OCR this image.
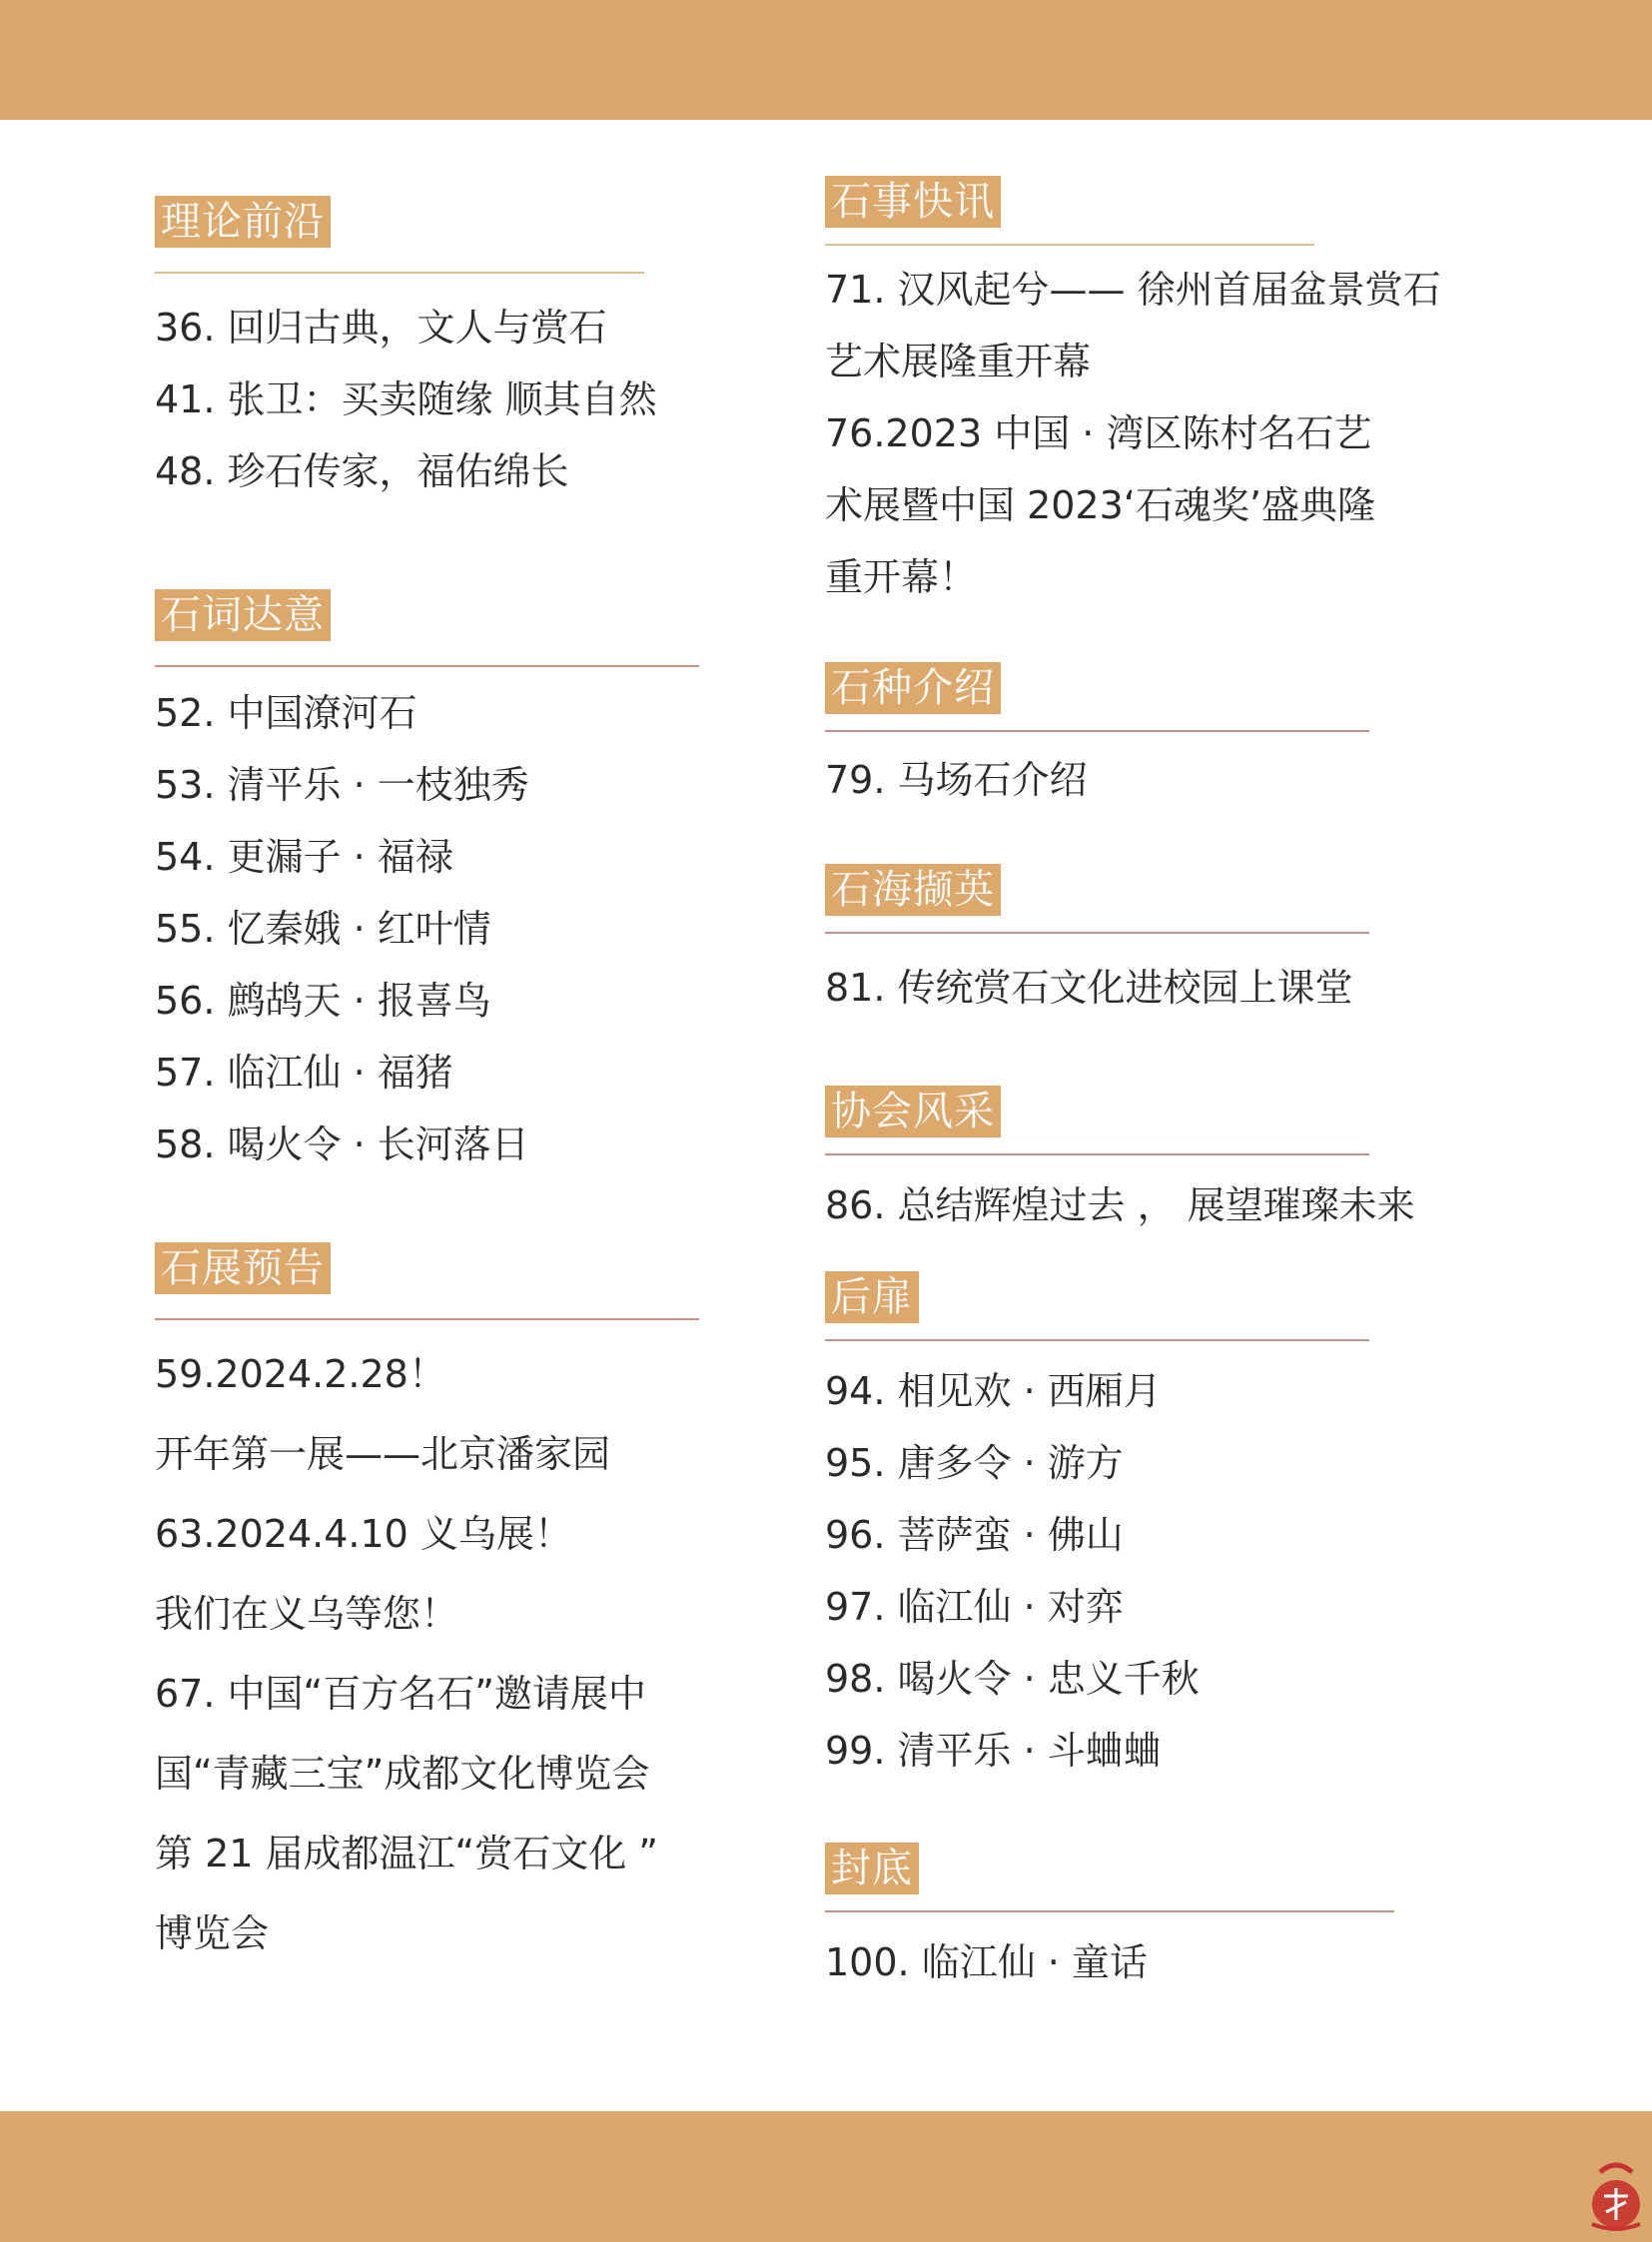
理论前沿
36. 回归古典，文人与赏石
41. 张卫：买卖随缘 顺其自然
48. 珍石传家，福佑绵长
石词达意
52. 中国潦河石
53. 清平乐 · 一枝独秀
54. 更漏子 · 福禄
55. 忆秦娥 · 红叶情
56. 鹧鸪天 · 报喜鸟
57. 临江仙 · 福猪
58. 喝火令 · 长河落日
石展预告
59.2024.2.28！
开年第一展——北京潘家园
63.2024.4.10 义乌展！
我们在义乌等您！
67. 中国“百方名石”邀请展中
国“青藏三宝”成都文化博览会
第 21 届成都温江“赏石文化 ”
博览会
石事快讯
71. 汉风起兮—— 徐州首届盆景赏石
艺术展隆重开幕
76.2023 中国 · 湾区陈村名石艺
术展暨中国 2023‘石魂奖’盛典隆
重开幕！
石种介绍
79. 马场石介绍
石海撷英
81. 传统赏石文化进校园上课堂
协会风采
86. 总结辉煌过去 ， 展望璀璨未来
后扉
94. 相见欢 · 西厢月
95. 唐多令 · 游方
96. 菩萨蛮 · 佛山
97. 临江仙 · 对弈
98. 喝火令 · 忠义千秋
99. 清平乐 · 斗蛐蛐
封底
100. 临江仙 · 童话
